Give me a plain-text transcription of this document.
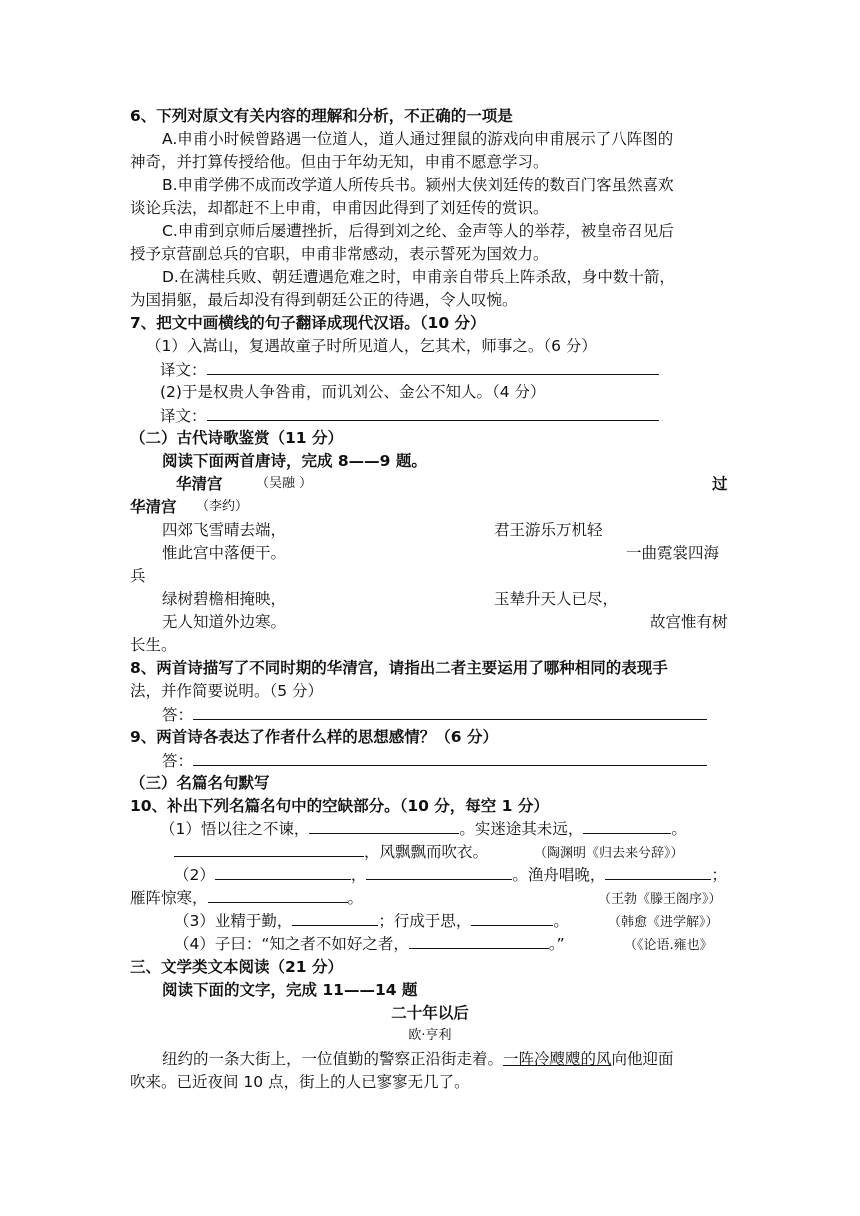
6、下列对原文有关内容的理解和分析，不正确的一项是
A.申甫小时候曾路遇一位道人，道人通过狸鼠的游戏向申甫展示了八阵图的
神奇，并打算传授给他。但由于年幼无知，申甫不愿意学习。
B.申甫学佛不成而改学道人所传兵书。颍州大侠刘廷传的数百门客虽然喜欢
谈论兵法，却都赶不上申甫，申甫因此得到了刘廷传的赏识。
C.申甫到京师后屡遭挫折，后得到刘之纶、金声等人的举荐，被皇帝召见后
授予京营副总兵的官职，申甫非常感动，表示誓死为国效力。
D.在满桂兵败、朝廷遭遇危难之时，申甫亲自带兵上阵杀敌，身中数十箭，
为国捐躯，最后却没有得到朝廷公正的待遇，令人叹惋。
7、把文中画横线的句子翻译成现代汉语。（10 分）
（1）入嵩山，复遇故童子时所见道人，乞其术，师事之。（6 分）
译文：
(2)于是权贵人争咎甫，而讥刘公、金公不知人。（4 分）
译文：
（二）古代诗歌鉴赏（11 分）
阅读下面两首唐诗，完成 8——9 题。
华清宫	（吴融 ）	过
华清宫 （李约）
四郊飞雪晴去端，	君王游乐万机轻
惟此宫中落便干。	一曲霓裳四海
兵
绿树碧檐相掩映，	玉辇升天人已尽，
无人知道外边寒。	故宫惟有树
长生。
8、两首诗描写了不同时期的华清宫，请指出二者主要运用了哪种相同的表现手
法，并作简要说明。（5 分）
答：
9、两首诗各表达了作者什么样的思想感情？（6 分）
答：
（三）名篇名句默写
10、补出下列名篇名句中的空缺部分。（10 分，每空 1 分）
（1）悟以往之不谏，	。实迷途其未远，	。
，风飘飘而吹衣。	（陶渊明《归去来兮辞》）
（2）	，	。渔舟唱晚，	；
雁阵惊寒，	。	（王勃《滕王阁序》）
（3）业精于勤，	；行成于思，	。	（韩愈《进学解》）
（4）子曰：“知之者不如好之者，	。”	（《论语.雍也》
三、文学类文本阅读（21 分）
阅读下面的文字，完成 11——14 题
二十年以后
欧·亨利
纽约的一条大街上，一位值勤的警察正沿街走着。一阵冷飕飕的风向他迎面
吹来。已近夜间 10 点，街上的人已寥寥无几了。
